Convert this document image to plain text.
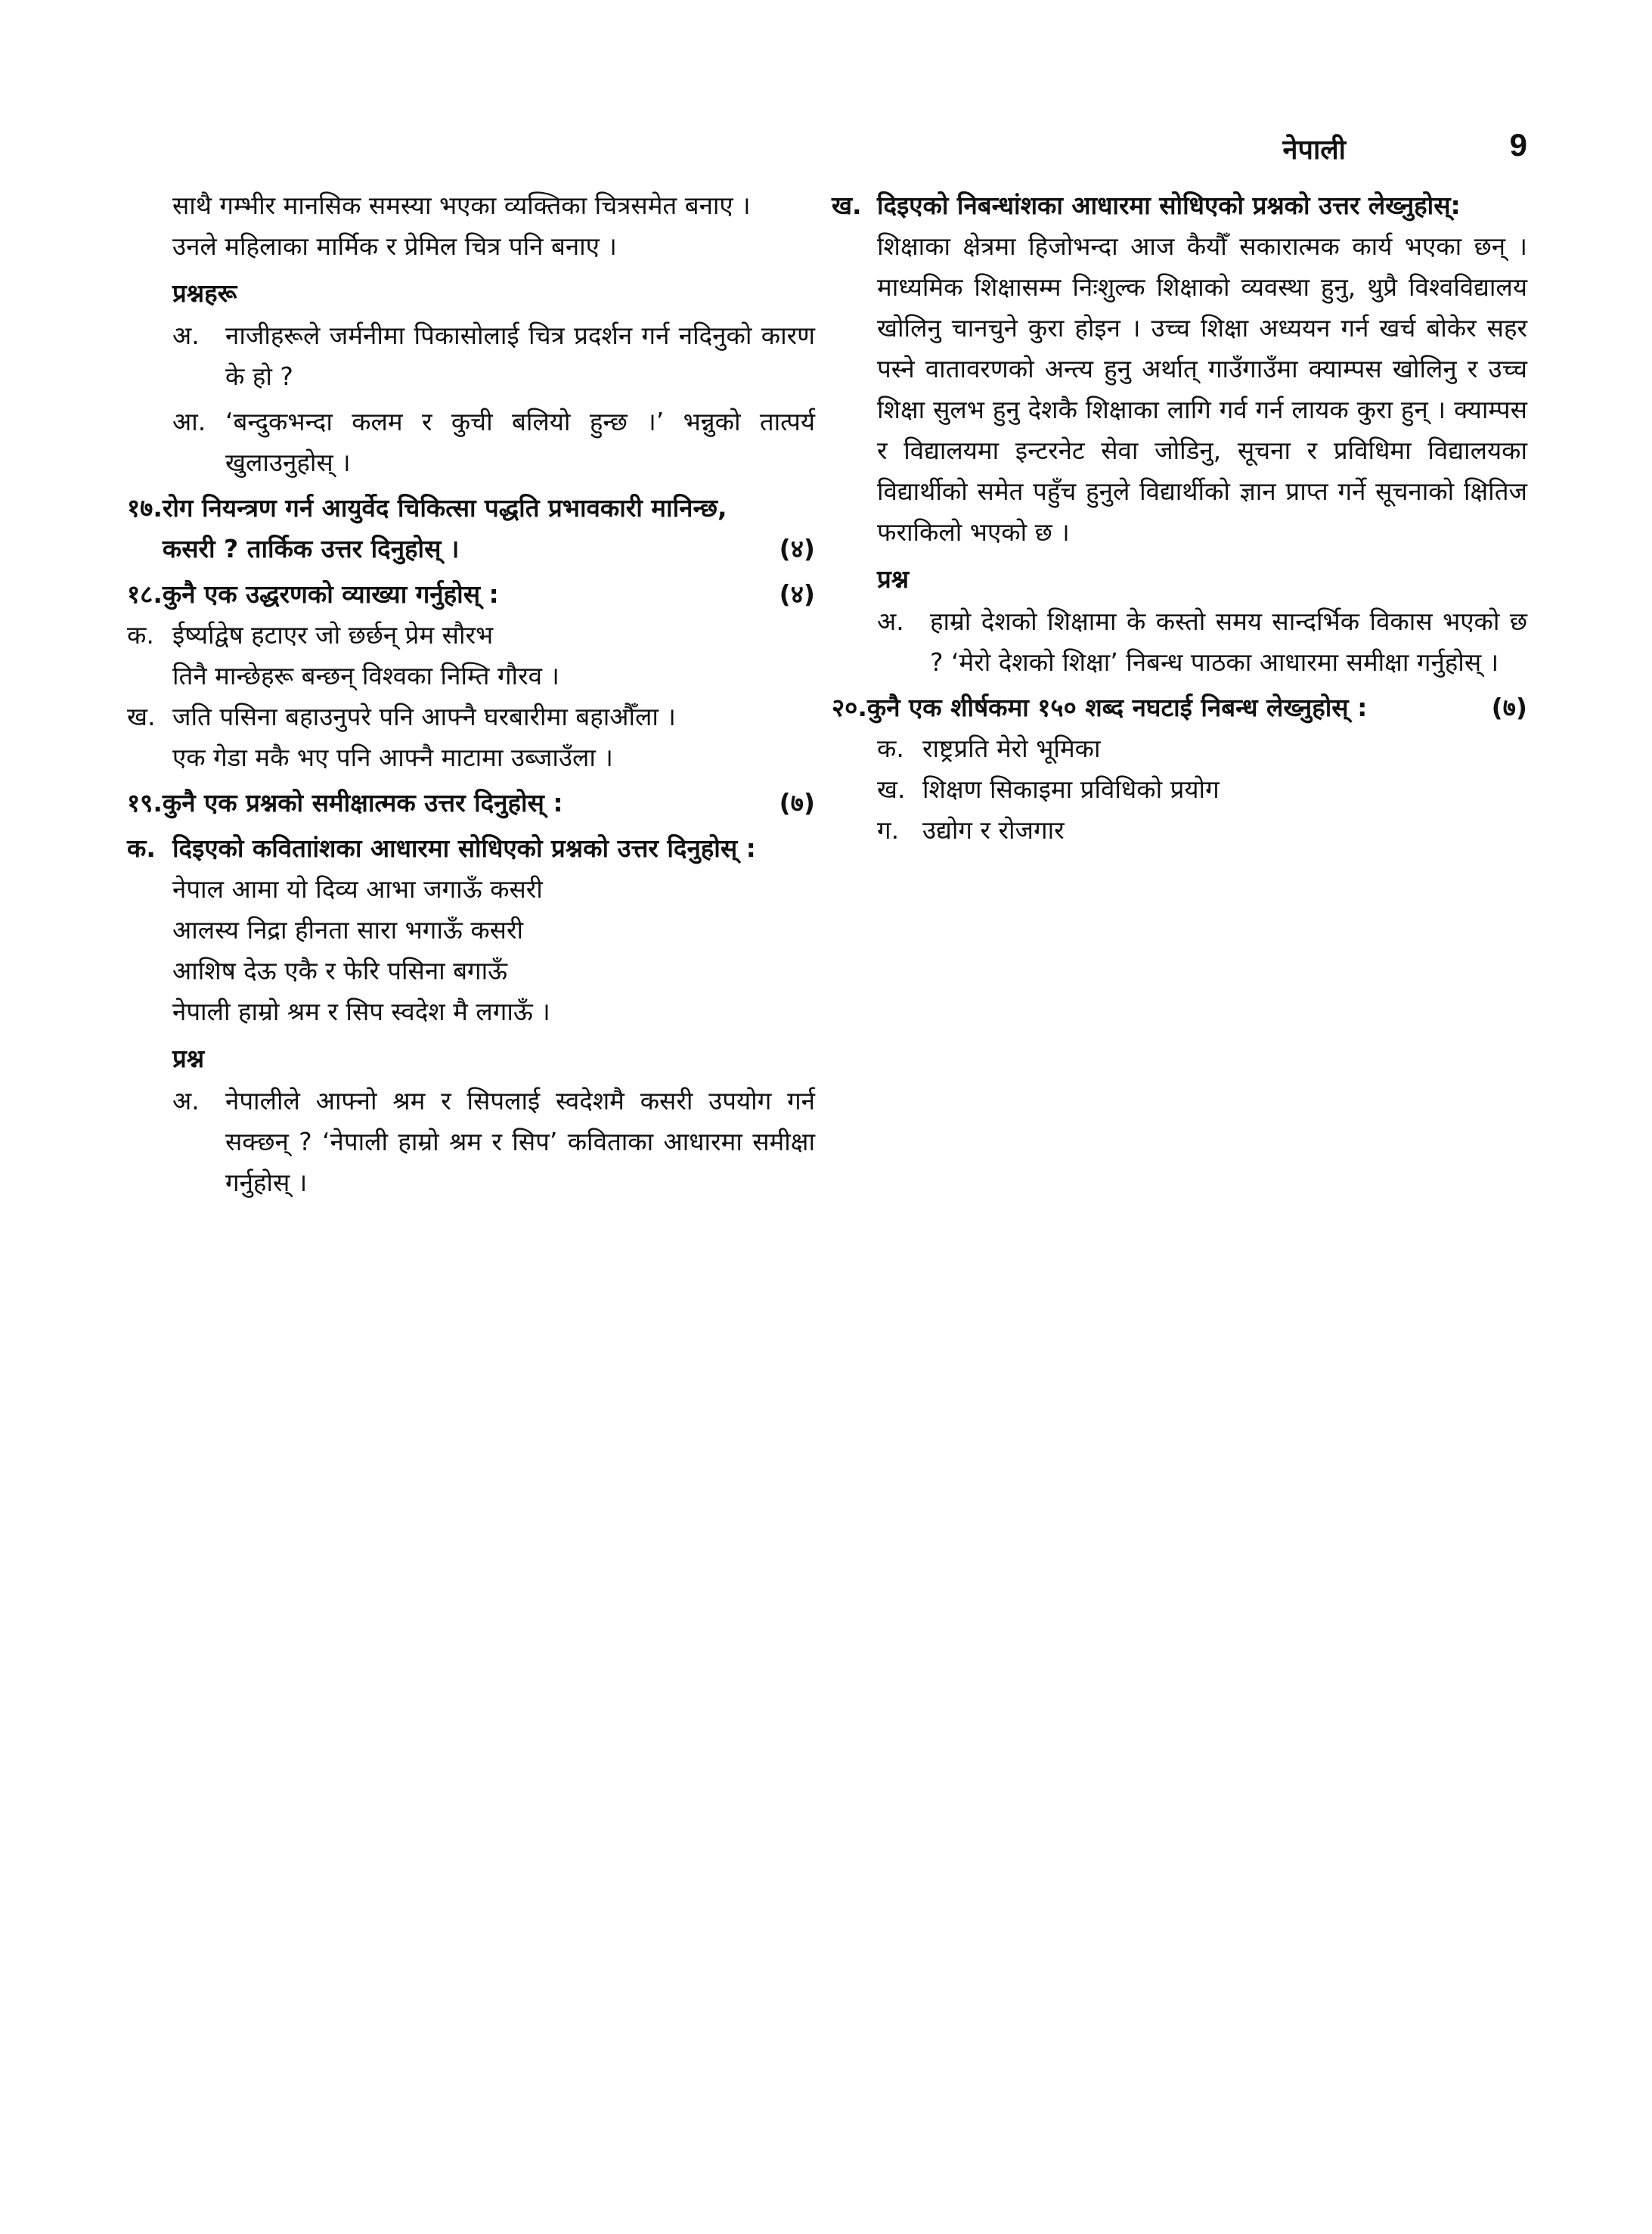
नेपाली	9

साथै गम्भीर मानसिक समस्या भएका व्यक्तिका चित्रसमेत बनाए ।

उनले महिलाका मार्मिक र प्रेमिल चित्र पनि बनाए ।

प्रश्नहरू
अ.	नाजीहरूले जर्मनीमा पिकासोलाई चित्र प्रदर्शन गर्न नदिनुको कारण के हो ?
आ. ‘बन्दुकभन्दा कलम र कुची बलियो हुन्छ ।’ भन्नुको तात्पर्य खुलाउनुहोस् ।
१७. रोग नियन्त्रण गर्न आयुर्वेद चिकित्सा पद्धति प्रभावकारी मानिन्छ, कसरी ? तार्किक उत्तर दिनुहोस् ।	(४)
१८. कुनै एक उद्धरणको व्याख्या गर्नुहोस् :	(४)
क. ईर्ष्याद्वेष हटाएर जो छर्छन् प्रेम सौरभ

तिनै मान्छेहरू बन्छन् विश्वका निम्ति गौरव ।

ख. जति पसिना बहाउनुपरे पनि आफ्नै घरबारीमा बहाऔँला ।

एक गेडा मकै भए पनि आफ्नै माटामा उब्जाउँला ।

१९. कुनै एक प्रश्नको समीक्षात्मक उत्तर दिनुहोस् :	(७)
क. दिइएको कविताांशका आधारमा सोधिएको प्रश्नको उत्तर दिनुहोस् :

नेपाल आमा यो दिव्य आभा जगाऊँ कसरी

आलस्य निद्रा हीनता सारा भगाऊँ कसरी

आशिष देऊ एकै र फेरि पसिना बगाऊँ

नेपाली हाम्रो श्रम र सिप स्वदेश मै लगाऊँ ।

प्रश्न
अ.	नेपालीले आफ्नो श्रम र सिपलाई स्वदेशमै कसरी उपयोग गर्न सक्छन् ? ‘नेपाली हाम्रो श्रम र सिप’ कविताका आधारमा समीक्षा गर्नुहोस् ।
ख. दिइएको निबन्धांशका आधारमा सोधिएको प्रश्नको उत्तर लेख्नुहोस्:

शिक्षाका क्षेत्रमा हिजोभन्दा आज कैयौँ सकारात्मक कार्य भएका छन् । माध्यमिक शिक्षासम्म निःशुल्क शिक्षाको व्यवस्था हुनु, थुप्रै विश्वविद्यालय खोलिनु चानचुने कुरा होइन । उच्च शिक्षा अध्ययन गर्न खर्च बोकेर सहर पस्ने वातावरणको अन्त्य हुनु अर्थात् गाउँगाउँमा क्याम्पस खोलिनु र उच्च शिक्षा सुलभ हुनु देशकै शिक्षाका लागि गर्व गर्न लायक कुरा हुन् । क्याम्पस र विद्यालयमा इन्टरनेट सेवा जोडिनु, सूचना र प्रविधिमा विद्यालयका विद्यार्थीको समेत पहुँच हुनुले विद्यार्थीको ज्ञान प्राप्त गर्ने सूचनाको क्षितिज फराकिलो भएको छ ।

प्रश्न
अ.	हाम्रो देशको शिक्षामा के कस्तो समय सान्दर्भिक विकास भएको छ ? ‘मेरो देशको शिक्षा’ निबन्ध पाठका आधारमा समीक्षा गर्नुहोस् ।
२०. कुनै एक शीर्षकमा १५० शब्द नघटाई निबन्ध लेख्नुहोस् :	(७)
क. राष्ट्रप्रति मेरो भूमिका
ख. शिक्षण सिकाइमा प्रविधिको प्रयोग
ग. उद्योग र रोजगार
